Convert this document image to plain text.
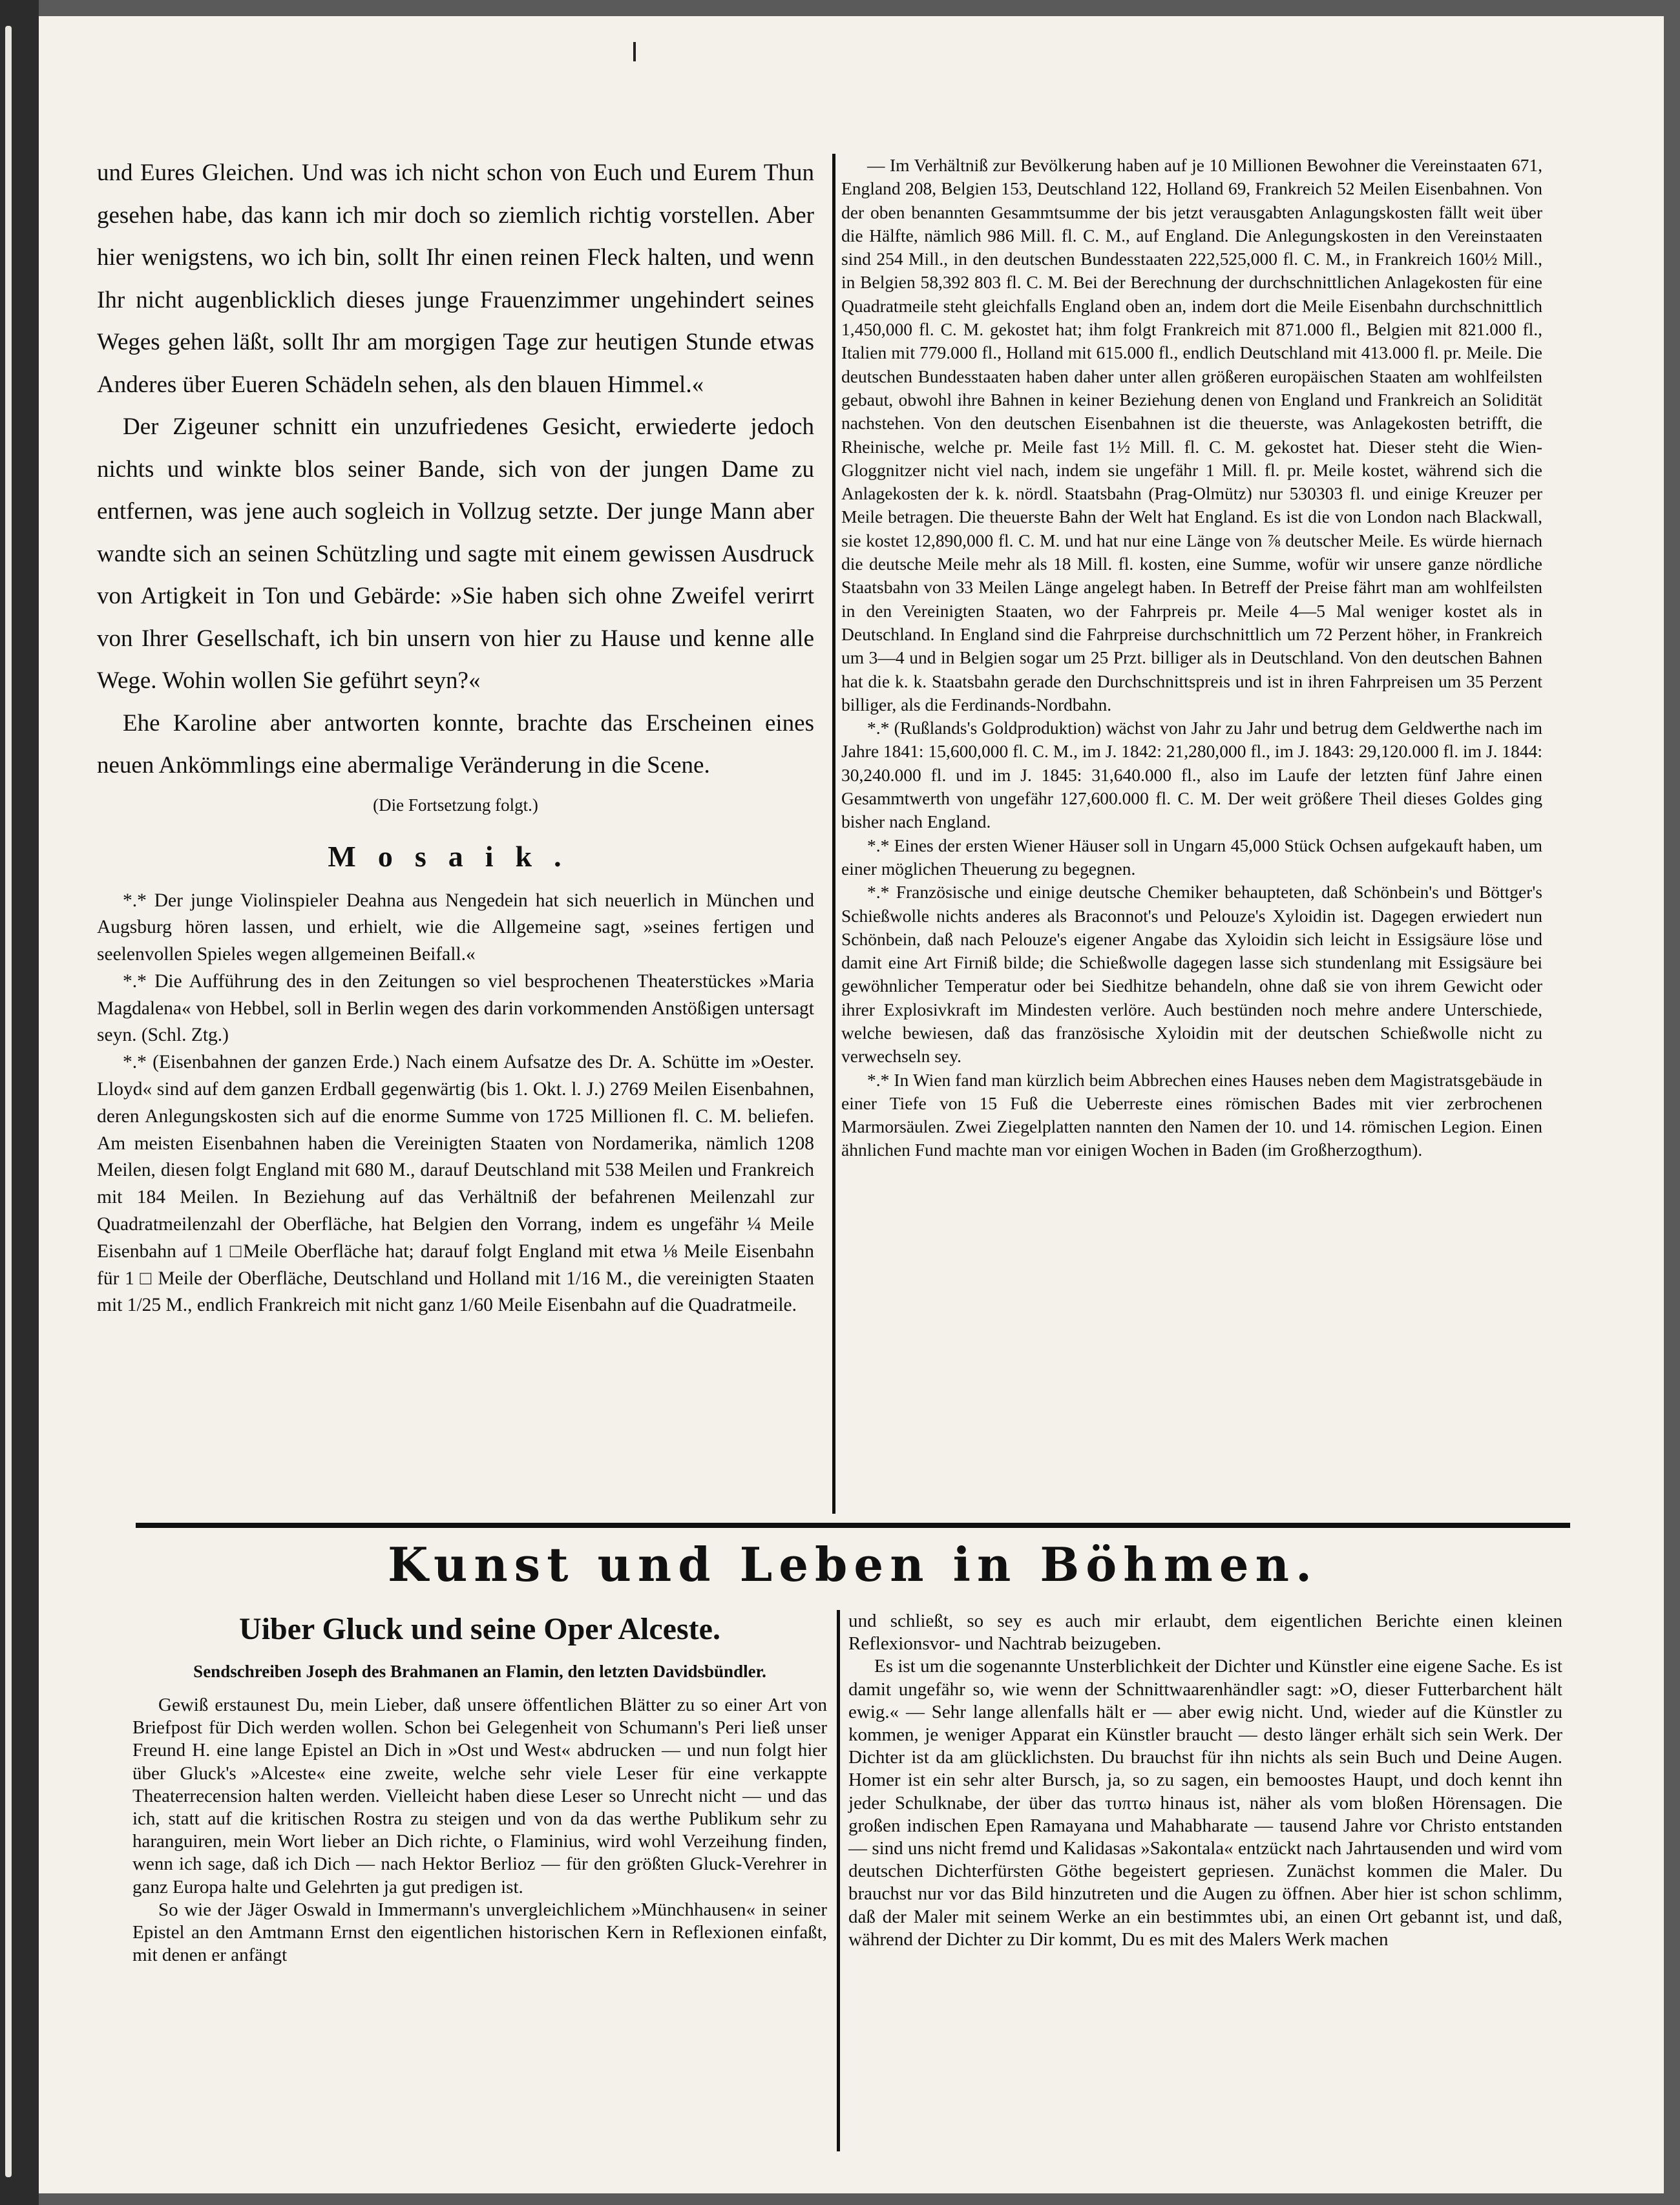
und Eures Gleichen. Und was ich nicht schon von Euch und Eurem Thun gesehen habe, das kann ich mir doch so ziemlich richtig vorstellen. Aber hier wenigstens, wo ich bin, sollt Ihr einen reinen Fleck halten, und wenn Ihr nicht augenblicklich dieses junge Frauenzimmer ungehindert seines Weges gehen läßt, sollt Ihr am morgigen Tage zur heutigen Stunde etwas Anderes über Eueren Schädeln sehen, als den blauen Himmel.«

Der Zigeuner schnitt ein unzufriedenes Gesicht, erwiederte jedoch nichts und winkte blos seiner Bande, sich von der jungen Dame zu entfernen, was jene auch sogleich in Vollzug setzte. Der junge Mann aber wandte sich an seinen Schützling und sagte mit einem gewissen Ausdruck von Artigkeit in Ton und Gebärde: »Sie haben sich ohne Zweifel verirrt von Ihrer Gesellschaft, ich bin unsern von hier zu Hause und kenne alle Wege. Wohin wollen Sie geführt seyn?«

Ehe Karoline aber antworten konnte, brachte das Erscheinen eines neuen Ankömmlings eine abermalige Veränderung in die Scene.

(Die Fortsetzung folgt.)

Mosaik.

*.* Der junge Violinspieler Deahna aus Nengedein hat sich neuerlich in München und Augsburg hören lassen, und erhielt, wie die Allgemeine sagt, »seines fertigen und seelenvollen Spieles wegen allgemeinen Beifall.«

*.* Die Aufführung des in den Zeitungen so viel besprochenen Theaterstückes »Maria Magdalena« von Hebbel, soll in Berlin wegen des darin vorkommenden Anstößigen untersagt seyn. (Schl. Ztg.)

*.* (Eisenbahnen der ganzen Erde.) Nach einem Aufsatze des Dr. A. Schütte im »Oester. Lloyd« sind auf dem ganzen Erdball gegenwärtig (bis 1. Okt. l. J.) 2769 Meilen Eisenbahnen, deren Anlegungskosten sich auf die enorme Summe von 1725 Millionen fl. C. M. beliefen. Am meisten Eisenbahnen haben die Vereinigten Staaten von Nordamerika, nämlich 1208 Meilen, diesen folgt England mit 680 M., darauf Deutschland mit 538 Meilen und Frankreich mit 184 Meilen. In Beziehung auf das Verhältniß der befahrenen Meilenzahl zur Quadratmeilenzahl der Oberfläche, hat Belgien den Vorrang, indem es ungefähr ¼ Meile Eisenbahn auf 1 □Meile Oberfläche hat; darauf folgt England mit etwa ⅛ Meile Eisenbahn für 1 □ Meile der Oberfläche, Deutschland und Holland mit 1/16 M., die vereinigten Staaten mit 1/25 M., endlich Frankreich mit nicht ganz 1/60 Meile Eisenbahn auf die Quadratmeile.

— Im Verhältniß zur Bevölkerung haben auf je 10 Millionen Bewohner die Vereinstaaten 671, England 208, Belgien 153, Deutschland 122, Holland 69, Frankreich 52 Meilen Eisenbahnen. Von der oben benannten Gesammtsumme der bis jetzt verausgabten Anlagungskosten fällt weit über die Hälfte, nämlich 986 Mill. fl. C. M., auf England. Die Anlegungskosten in den Vereinstaaten sind 254 Mill., in den deutschen Bundesstaaten 222,525,000 fl. C. M., in Frankreich 160½ Mill., in Belgien 58,392 803 fl. C. M. Bei der Berechnung der durchschnittlichen Anlagekosten für eine Quadratmeile steht gleichfalls England oben an, indem dort die Meile Eisenbahn durchschnittlich 1,450,000 fl. C. M. gekostet hat; ihm folgt Frankreich mit 871.000 fl., Belgien mit 821.000 fl., Italien mit 779.000 fl., Holland mit 615.000 fl., endlich Deutschland mit 413.000 fl. pr. Meile. Die deutschen Bundesstaaten haben daher unter allen größeren europäischen Staaten am wohlfeilsten gebaut, obwohl ihre Bahnen in keiner Beziehung denen von England und Frankreich an Solidität nachstehen. Von den deutschen Eisenbahnen ist die theuerste, was Anlagekosten betrifft, die Rheinische, welche pr. Meile fast 1½ Mill. fl. C. M. gekostet hat. Dieser steht die Wien-Gloggnitzer nicht viel nach, indem sie ungefähr 1 Mill. fl. pr. Meile kostet, während sich die Anlagekosten der k. k. nördl. Staatsbahn (Prag-Olmütz) nur 530303 fl. und einige Kreuzer per Meile betragen. Die theuerste Bahn der Welt hat England. Es ist die von London nach Blackwall, sie kostet 12,890,000 fl. C. M. und hat nur eine Länge von ⅞ deutscher Meile. Es würde hiernach die deutsche Meile mehr als 18 Mill. fl. kosten, eine Summe, wofür wir unsere ganze nördliche Staatsbahn von 33 Meilen Länge angelegt haben. In Betreff der Preise fährt man am wohlfeilsten in den Vereinigten Staaten, wo der Fahrpreis pr. Meile 4—5 Mal weniger kostet als in Deutschland. In England sind die Fahrpreise durchschnittlich um 72 Perzent höher, in Frankreich um 3—4 und in Belgien sogar um 25 Przt. billiger als in Deutschland. Von den deutschen Bahnen hat die k. k. Staatsbahn gerade den Durchschnittspreis und ist in ihren Fahrpreisen um 35 Perzent billiger, als die Ferdinands-Nordbahn.

*.* (Rußlands's Goldproduktion) wächst von Jahr zu Jahr und betrug dem Geldwerthe nach im Jahre 1841: 15,600,000 fl. C. M., im J. 1842: 21,280,000 fl., im J. 1843: 29,120.000 fl. im J. 1844: 30,240.000 fl. und im J. 1845: 31,640.000 fl., also im Laufe der letzten fünf Jahre einen Gesammtwerth von ungefähr 127,600.000 fl. C. M. Der weit größere Theil dieses Goldes ging bisher nach England.

*.* Eines der ersten Wiener Häuser soll in Ungarn 45,000 Stück Ochsen aufgekauft haben, um einer möglichen Theuerung zu begegnen.

*.* Französische und einige deutsche Chemiker behaupteten, daß Schönbein's und Böttger's Schießwolle nichts anderes als Braconnot's und Pelouze's Xyloidin ist. Dagegen erwiedert nun Schönbein, daß nach Pelouze's eigener Angabe das Xyloidin sich leicht in Essigsäure löse und damit eine Art Firniß bilde; die Schießwolle dagegen lasse sich stundenlang mit Essigsäure bei gewöhnlicher Temperatur oder bei Siedhitze behandeln, ohne daß sie von ihrem Gewicht oder ihrer Explosivkraft im Mindesten verlöre. Auch bestünden noch mehre andere Unterschiede, welche bewiesen, daß das französische Xyloidin mit der deutschen Schießwolle nicht zu verwechseln sey.

*.* In Wien fand man kürzlich beim Abbrechen eines Hauses neben dem Magistratsgebäude in einer Tiefe von 15 Fuß die Ueberreste eines römischen Bades mit vier zerbrochenen Marmorsäulen. Zwei Ziegelplatten nannten den Namen der 10. und 14. römischen Legion. Einen ähnlichen Fund machte man vor einigen Wochen in Baden (im Großherzogthum).

Kunst und Leben in Böhmen.
Uiber Gluck und seine Oper Alceste.
Sendschreiben Joseph des Brahmanen an Flamin, den letzten Davidsbündler.

Gewiß erstaunest Du, mein Lieber, daß unsere öffentlichen Blätter zu so einer Art von Briefpost für Dich werden wollen. Schon bei Gelegenheit von Schumann's Peri ließ unser Freund H. eine lange Epistel an Dich in »Ost und West« abdrucken — und nun folgt hier über Gluck's »Alceste« eine zweite, welche sehr viele Leser für eine verkappte Theaterrecension halten werden. Vielleicht haben diese Leser so Unrecht nicht — und das ich, statt auf die kritischen Rostra zu steigen und von da das werthe Publikum sehr zu haranguiren, mein Wort lieber an Dich richte, o Flaminius, wird wohl Verzeihung finden, wenn ich sage, daß ich Dich — nach Hektor Berlioz — für den größten Gluck-Verehrer in ganz Europa halte und Gelehrten ja gut predigen ist.

So wie der Jäger Oswald in Immermann's unvergleichlichem »Münchhausen« in seiner Epistel an den Amtmann Ernst den eigentlichen historischen Kern in Reflexionen einfaßt, mit denen er anfängt

und schließt, so sey es auch mir erlaubt, dem eigentlichen Berichte einen kleinen Reflexionsvor- und Nachtrab beizugeben.

Es ist um die sogenannte Unsterblichkeit der Dichter und Künstler eine eigene Sache. Es ist damit ungefähr so, wie wenn der Schnittwaarenhändler sagt: »O, dieser Futterbarchent hält ewig.« — Sehr lange allenfalls hält er — aber ewig nicht. Und, wieder auf die Künstler zu kommen, je weniger Apparat ein Künstler braucht — desto länger erhält sich sein Werk. Der Dichter ist da am glücklichsten. Du brauchst für ihn nichts als sein Buch und Deine Augen. Homer ist ein sehr alter Bursch, ja, so zu sagen, ein bemoostes Haupt, und doch kennt ihn jeder Schulknabe, der über das τυπτω hinaus ist, näher als vom bloßen Hörensagen. Die großen indischen Epen Ramayana und Mahabharate — tausend Jahre vor Christo entstanden — sind uns nicht fremd und Kalidasas »Sakontala« entzückt nach Jahrtausenden und wird vom deutschen Dichterfürsten Göthe begeistert gepriesen. Zunächst kommen die Maler. Du brauchst nur vor das Bild hinzutreten und die Augen zu öffnen. Aber hier ist schon schlimm, daß der Maler mit seinem Werke an ein bestimmtes ubi, an einen Ort gebannt ist, und daß, während der Dichter zu Dir kommt, Du es mit des Malers Werk machen
